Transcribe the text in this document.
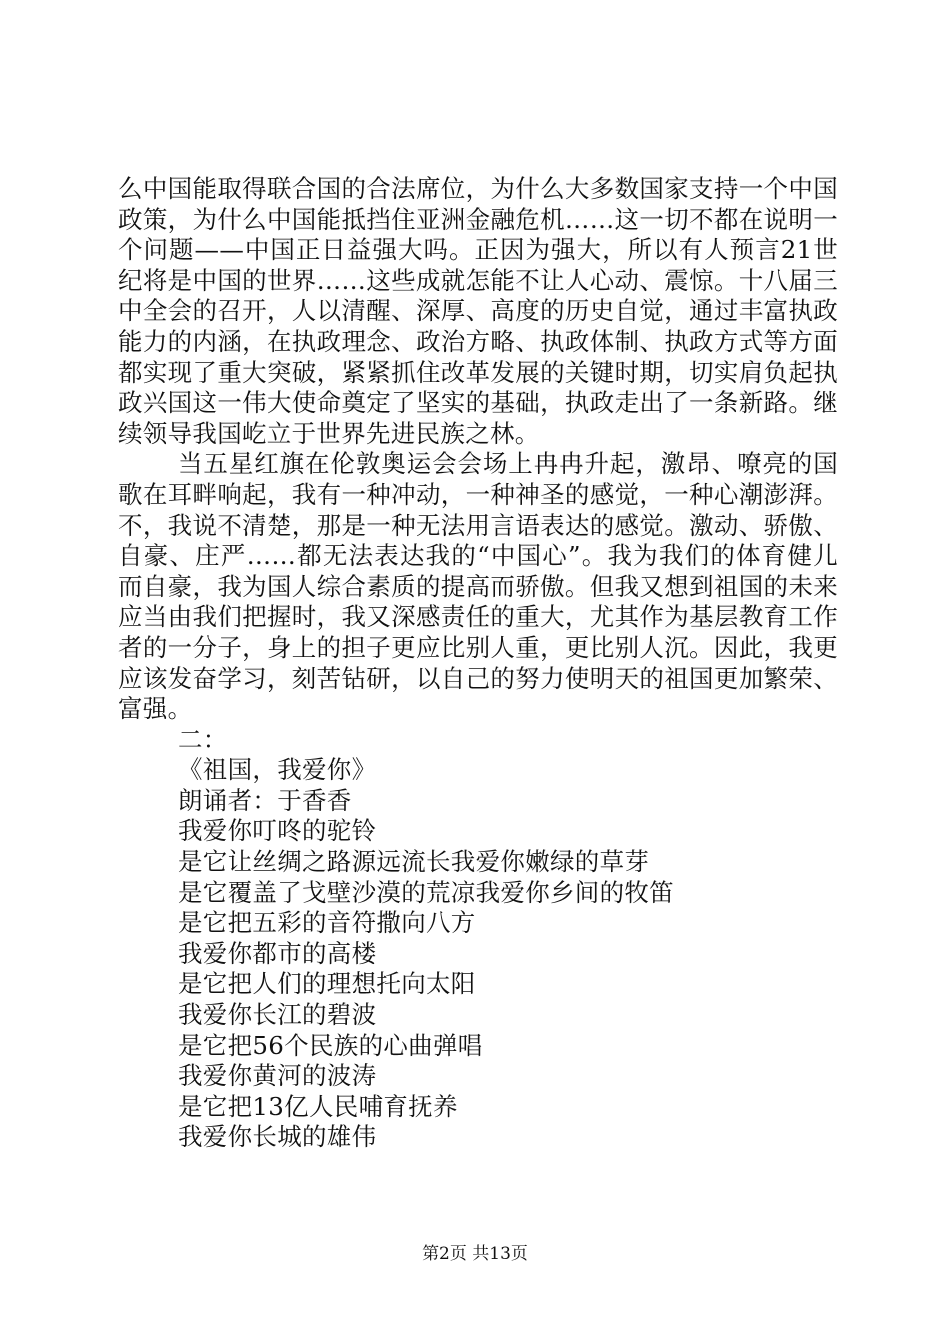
么中国能取得联合国的合法席位，为什么大多数国家支持一个中国政策，为什么中国能抵挡住亚洲金融危机……这一切不都在说明一个问题——中国正日益强大吗。正因为强大，所以有人预言21世纪将是中国的世界……这些成就怎能不让人心动、震惊。十八届三中全会的召开，人以清醒、深厚、高度的历史自觉，通过丰富执政能力的内涵，在执政理念、政治方略、执政体制、执政方式等方面都实现了重大突破，紧紧抓住改革发展的关键时期，切实肩负起执政兴国这一伟大使命奠定了坚实的基础，执政走出了一条新路。继续领导我国屹立于世界先进民族之林。

当五星红旗在伦敦奥运会会场上冉冉升起，激昂、嘹亮的国歌在耳畔响起，我有一种冲动，一种神圣的感觉，一种心潮澎湃。不，我说不清楚，那是一种无法用言语表达的感觉。激动、骄傲、自豪、庄严……都无法表达我的“中国心”。我为我们的体育健儿而自豪，我为国人综合素质的提高而骄傲。但我又想到祖国的未来应当由我们把握时，我又深感责任的重大，尤其作为基层教育工作者的一分子，身上的担子更应比别人重，更比别人沉。因此，我更应该发奋学习，刻苦钻研，以自己的努力使明天的祖国更加繁荣、富强。

二：

《祖国，我爱你》

朗诵者：于香香

我爱你叮咚的驼铃

是它让丝绸之路源远流长我爱你嫩绿的草芽

是它覆盖了戈壁沙漠的荒凉我爱你乡间的牧笛

是它把五彩的音符撒向八方

我爱你都市的高楼

是它把人们的理想托向太阳

我爱你长江的碧波

是它把56个民族的心曲弹唱

我爱你黄河的波涛

是它把13亿人民哺育抚养

我爱你长城的雄伟

第2页 共13页
